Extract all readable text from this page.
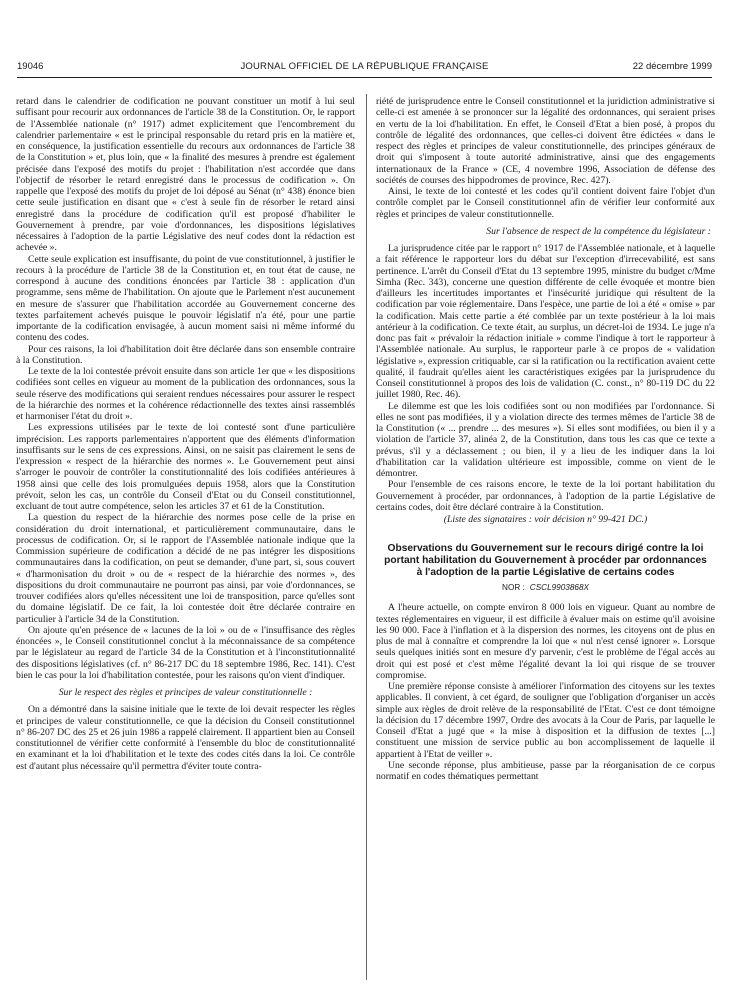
19046	JOURNAL OFFICIEL DE LA RÉPUBLIQUE FRANÇAISE	22 décembre 1999

retard dans le calendrier de codification ne pouvant constituer un motif à lui seul suffisant pour recourir aux ordonnances de l'article 38 de la Constitution. Or, le rapport de l'Assemblée nationale (n° 1917) admet explicitement que l'encombrement du calendrier parlementaire « est le principal responsable du retard pris en la matière et, en conséquence, la justification essentielle du recours aux ordonnances de l'article 38 de la Constitution » et, plus loin, que « la finalité des mesures à prendre est également précisée dans l'exposé des motifs du projet : l'habilitation n'est accordée que dans l'objectif de résorber le retard enregistré dans le processus de codification ». On rappelle que l'exposé des motifs du projet de loi déposé au Sénat (n° 438) énonce bien cette seule justification en disant que « c'est à seule fin de résorber le retard ainsi enregistré dans la procédure de codification qu'il est proposé d'habiliter le Gouvernement à prendre, par voie d'ordonnances, les dispositions législatives nécessaires à l'adoption de la partie Législative des neuf codes dont la rédaction est achevée ».

Cette seule explication est insuffisante, du point de vue constitutionnel, à justifier le recours à la procédure de l'article 38 de la Constitution et, en tout état de cause, ne correspond à aucune des conditions énoncées par l'article 38 : application d'un programme, sens même de l'habilitation. On ajoute que le Parlement n'est aucunement en mesure de s'assurer que l'habilitation accordée au Gouvernement concerne des textes parfaitement achevés puisque le pouvoir législatif n'a été, pour une partie importante de la codification envisagée, à aucun moment saisi ni même informé du contenu des codes.

Pour ces raisons, la loi d'habilitation doit être déclarée dans son ensemble contraire à la Constitution.

Le texte de la loi contestée prévoit ensuite dans son article 1er que « les dispositions codifiées sont celles en vigueur au moment de la publication des ordonnances, sous la seule réserve des modifications qui seraient rendues nécessaires pour assurer le respect de la hiérarchie des normes et la cohérence rédactionnelle des textes ainsi rassemblés et harmoniser l'état du droit ».

Les expressions utilisées par le texte de loi contesté sont d'une particulière imprécision. Les rapports parlementaires n'apportent que des éléments d'information insuffisants sur le sens de ces expressions. Ainsi, on ne saisit pas clairement le sens de l'expression « respect de la hiérarchie des normes ». Le Gouvernement peut ainsi s'arroger le pouvoir de contrôler la constitutionnalité des lois codifiées antérieures à 1958 ainsi que celle des lois promulguées depuis 1958, alors que la Constitution prévoit, selon les cas, un contrôle du Conseil d'Etat ou du Conseil constitutionnel, excluant de tout autre compétence, selon les articles 37 et 61 de la Constitution.

La question du respect de la hiérarchie des normes pose celle de la prise en considération du droit international, et particulièrement communautaire, dans le processus de codification. Or, si le rapport de l'Assemblée nationale indique que la Commission supérieure de codification a décidé de ne pas intégrer les dispositions communautaires dans la codification, on peut se demander, d'une part, si, sous couvert « d'harmonisation du droit » ou de « respect de la hiérarchie des normes », des dispositions du droit communautaire ne pourront pas ainsi, par voie d'ordonnances, se trouver codifiées alors qu'elles nécessitent une loi de transposition, parce qu'elles sont du domaine législatif. De ce fait, la loi contestée doit être déclarée contraire en particulier à l'article 34 de la Constitution.

On ajoute qu'en présence de « lacunes de la loi » ou de « l'insuffisance des règles énoncées », le Conseil constitutionnel conclut à la méconnaissance de sa compétence par le législateur au regard de l'article 34 de la Constitution et à l'inconstitutionnalité des dispositions législatives (cf. n° 86-217 DC du 18 septembre 1986, Rec. 141). C'est bien le cas pour la loi d'habilitation contestée, pour les raisons qu'on vient d'indiquer.

Sur le respect des règles et principes de valeur constitutionnelle :

On a démontré dans la saisine initiale que le texte de loi devait respecter les règles et principes de valeur constitutionnelle, ce que la décision du Conseil constitutionnel n° 86-207 DC des 25 et 26 juin 1986 a rappelé clairement. Il appartient bien au Conseil constitutionnel de vérifier cette conformité à l'ensemble du bloc de constitutionnalité en examinant et la loi d'habilitation et le texte des codes cités dans la loi. Ce contrôle est d'autant plus nécessaire qu'il permettra d'éviter toute contra-

riété de jurisprudence entre le Conseil constitutionnel et la juridiction administrative si celle-ci est amenée à se prononcer sur la légalité des ordonnances, qui seraient prises en vertu de la loi d'habilitation. En effet, le Conseil d'Etat a bien posé, à propos du contrôle de légalité des ordonnances, que celles-ci doivent être édictées « dans le respect des règles et principes de valeur constitutionnelle, des principes généraux de droit qui s'imposent à toute autorité administrative, ainsi que des engagements internationaux de la France » (CE, 4 novembre 1996, Association de défense des sociétés de courses des hippodromes de province, Rec. 427).

Ainsi, le texte de loi contesté et les codes qu'il contient doivent faire l'objet d'un contrôle complet par le Conseil constitutionnel afin de vérifier leur conformité aux règles et principes de valeur constitutionnelle.

Sur l'absence de respect de la compétence du législateur :

La jurisprudence citée par le rapport n° 1917 de l'Assemblée nationale, et à laquelle a fait référence le rapporteur lors du débat sur l'exception d'irrecevabilité, est sans pertinence. L'arrêt du Conseil d'Etat du 13 septembre 1995, ministre du budget c/Mme Simha (Rec. 343), concerne une question différente de celle évoquée et montre bien d'ailleurs les incertitudes importantes et l'insécurité juridique qui résultent de la codification par voie réglementaire. Dans l'espèce, une partie de loi a été « omise » par la codification. Mais cette partie a été comblée par un texte postérieur à la loi mais antérieur à la codification. Ce texte était, au surplus, un décret-loi de 1934. Le juge n'a donc pas fait « prévaloir la rédaction initiale » comme l'indique à tort le rapporteur à l'Assemblée nationale. Au surplus, le rapporteur parle à ce propos de « validation législative », expression critiquable, car si la ratification ou la rectification avaient cette qualité, il faudrait qu'elles aient les caractéristiques exigées par la jurisprudence du Conseil constitutionnel à propos des lois de validation (C. const., n° 80-119 DC du 22 juillet 1980, Rec. 46).

Le dilemme est que les lois codifiées sont ou non modifiées par l'ordonnance. Si elles ne sont pas modifiées, il y a violation directe des termes mêmes de l'article 38 de la Constitution (« ... prendre ... des mesures »). Si elles sont modifiées, ou bien il y a violation de l'article 37, alinéa 2, de la Constitution, dans tous les cas que ce texte a prévus, s'il y a déclassement ; ou bien, il y a lieu de les indiquer dans la loi d'habilitation car la validation ultérieure est impossible, comme on vient de le démontrer.

Pour l'ensemble de ces raisons encore, le texte de la loi portant habilitation du Gouvernement à procéder, par ordonnances, à l'adoption de la partie Législative de certains codes, doit être déclaré contraire à la Constitution.

(Liste des signataires : voir décision n° 99-421 DC.)

Observations du Gouvernement sur le recours dirigé contre la loi portant habilitation du Gouvernement à procéder par ordonnances à l'adoption de la partie Législative de certains codes
NOR : CSCL9903868X

A l'heure actuelle, on compte environ 8 000 lois en vigueur. Quant au nombre de textes réglementaires en vigueur, il est difficile à évaluer mais on estime qu'il avoisine les 90 000. Face à l'inflation et à la dispersion des normes, les citoyens ont de plus en plus de mal à connaître et comprendre la loi que « nul n'est censé ignorer ». Lorsque seuls quelques initiés sont en mesure d'y parvenir, c'est le problème de l'égal accès au droit qui est posé et c'est même l'égalité devant la loi qui risque de se trouver compromise.

Une première réponse consiste à améliorer l'information des citoyens sur les textes applicables. Il convient, à cet égard, de souligner que l'obligation d'organiser un accès simple aux règles de droit relève de la responsabilité de l'Etat. C'est ce dont témoigne la décision du 17 décembre 1997, Ordre des avocats à la Cour de Paris, par laquelle le Conseil d'Etat a jugé que « la mise à disposition et la diffusion de textes [...] constituent une mission de service public au bon accomplissement de laquelle il appartient à l'Etat de veiller ».

Une seconde réponse, plus ambitieuse, passe par la réorganisation de ce corpus normatif en codes thématiques permettant
